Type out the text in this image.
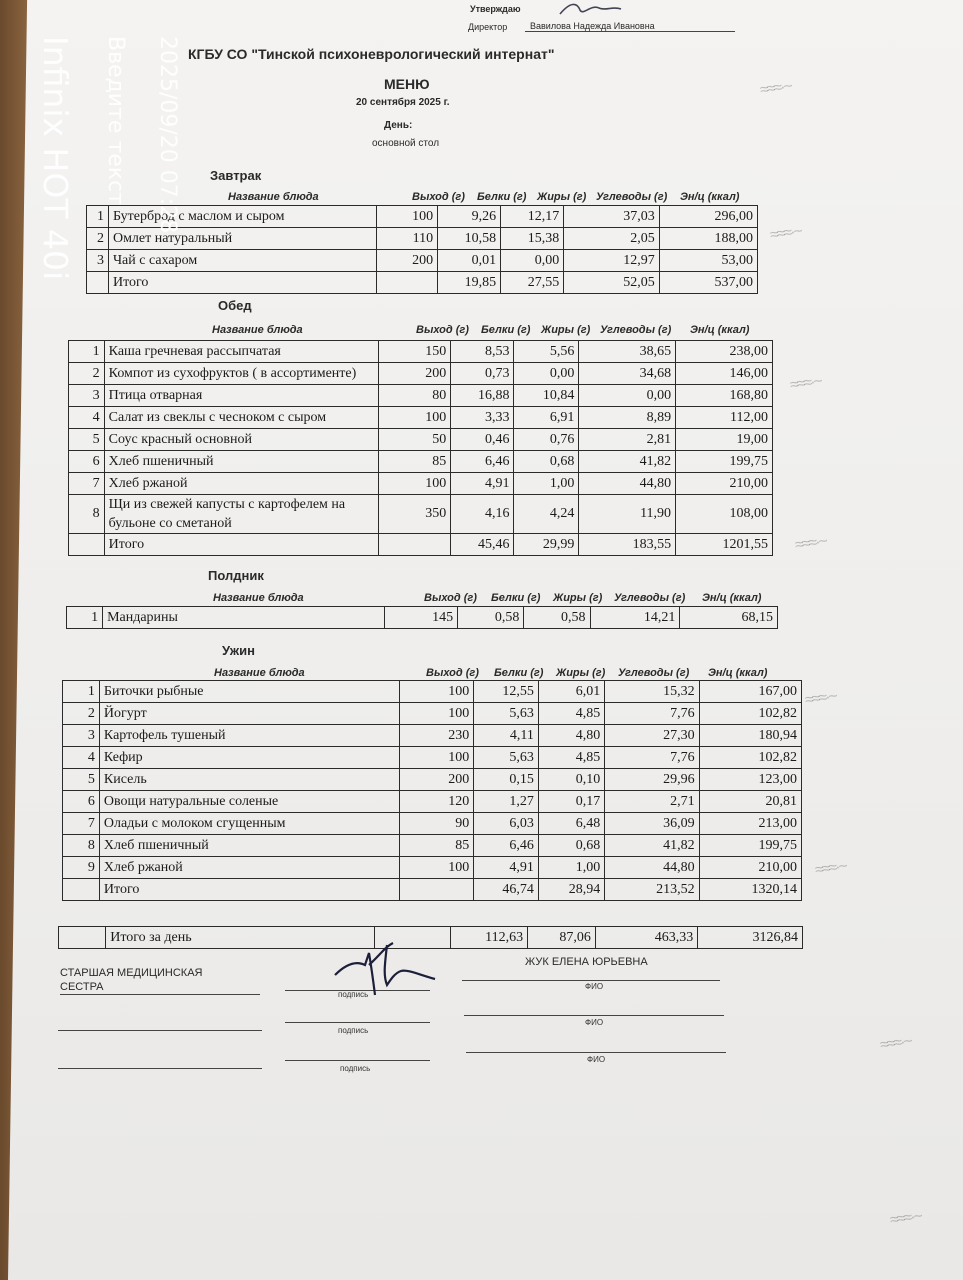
Утверждаю
Директор	Вавилова Надежда Ивановна
КГБУ СО "Тинской психоневрологический интернат"
МЕНЮ
20 сентября 2025 г.
День:
основной стол
Завтрак
Название блюда	Выход (г) Белки (г) Жиры (г) Углеводы (г) Эн/ц (ккал)
1	Бутерброд с маслом и сыром	100	9,26	12,17	37,03	296,00
2	Омлет натуральный	110	10,58	15,38	2,05	188,00
3	Чай с сахаром	200	0,01	0,00	12,97	53,00
	Итого		19,85	27,55	52,05	537,00
Обед
Название блюда	Выход (г) Белки (г) Жиры (г) Углеводы (г) Эн/ц (ккал)
1	Каша гречневая рассыпчатая	150	8,53	5,56	38,65	238,00
2	Компот из сухофруктов ( в ассортименте)	200	0,73	0,00	34,68	146,00
3	Птица отварная	80	16,88	10,84	0,00	168,80
4	Салат из свеклы с чесноком с сыром	100	3,33	6,91	8,89	112,00
5	Соус красный основной	50	0,46	0,76	2,81	19,00
6	Хлеб пшеничный	85	6,46	0,68	41,82	199,75
7	Хлеб ржаной	100	4,91	1,00	44,80	210,00
8	Щи из свежей капусты с картофелем на бульоне со сметаной	350	4,16	4,24	11,90	108,00
	Итого		45,46	29,99	183,55	1201,55
Полдник
Название блюда	Выход (г) Белки (г) Жиры (г) Углеводы (г) Эн/ц (ккал)
1	Мандарины	145	0,58	0,58	14,21	68,15
Ужин
Название блюда	Выход (г) Белки (г) Жиры (г) Углеводы (г) Эн/ц (ккал)
1	Биточки рыбные	100	12,55	6,01	15,32	167,00
2	Йогурт	100	5,63	4,85	7,76	102,82
3	Картофель тушеный	230	4,11	4,80	27,30	180,94
4	Кефир	100	5,63	4,85	7,76	102,82
5	Кисель	200	0,15	0,10	29,96	123,00
6	Овощи натуральные соленые	120	1,27	0,17	2,71	20,81
7	Оладьи с молоком сгущенным	90	6,03	6,48	36,09	213,00
8	Хлеб пшеничный	85	6,46	0,68	41,82	199,75
9	Хлеб ржаной	100	4,91	1,00	44,80	210,00
	Итого		46,74	28,94	213,52	1320,14
	Итого за день		112,63	87,06	463,33	3126,84
СТАРШАЯ МЕДИЦИНСКАЯ СЕСТРА
ЖУК ЕЛЕНА ЮРЬЕВНА
подпись
ФИО
подпись
ФИО
подпись
ФИО
≈≈≈·~
≈≈≈·~
≈≈≈·~
≈≈≈·~
≈≈≈·~
≈≈≈·~
≈≈≈·~
≈≈≈·~
Infinix HOT 40i Введите текст 2025/09/20 07:28
